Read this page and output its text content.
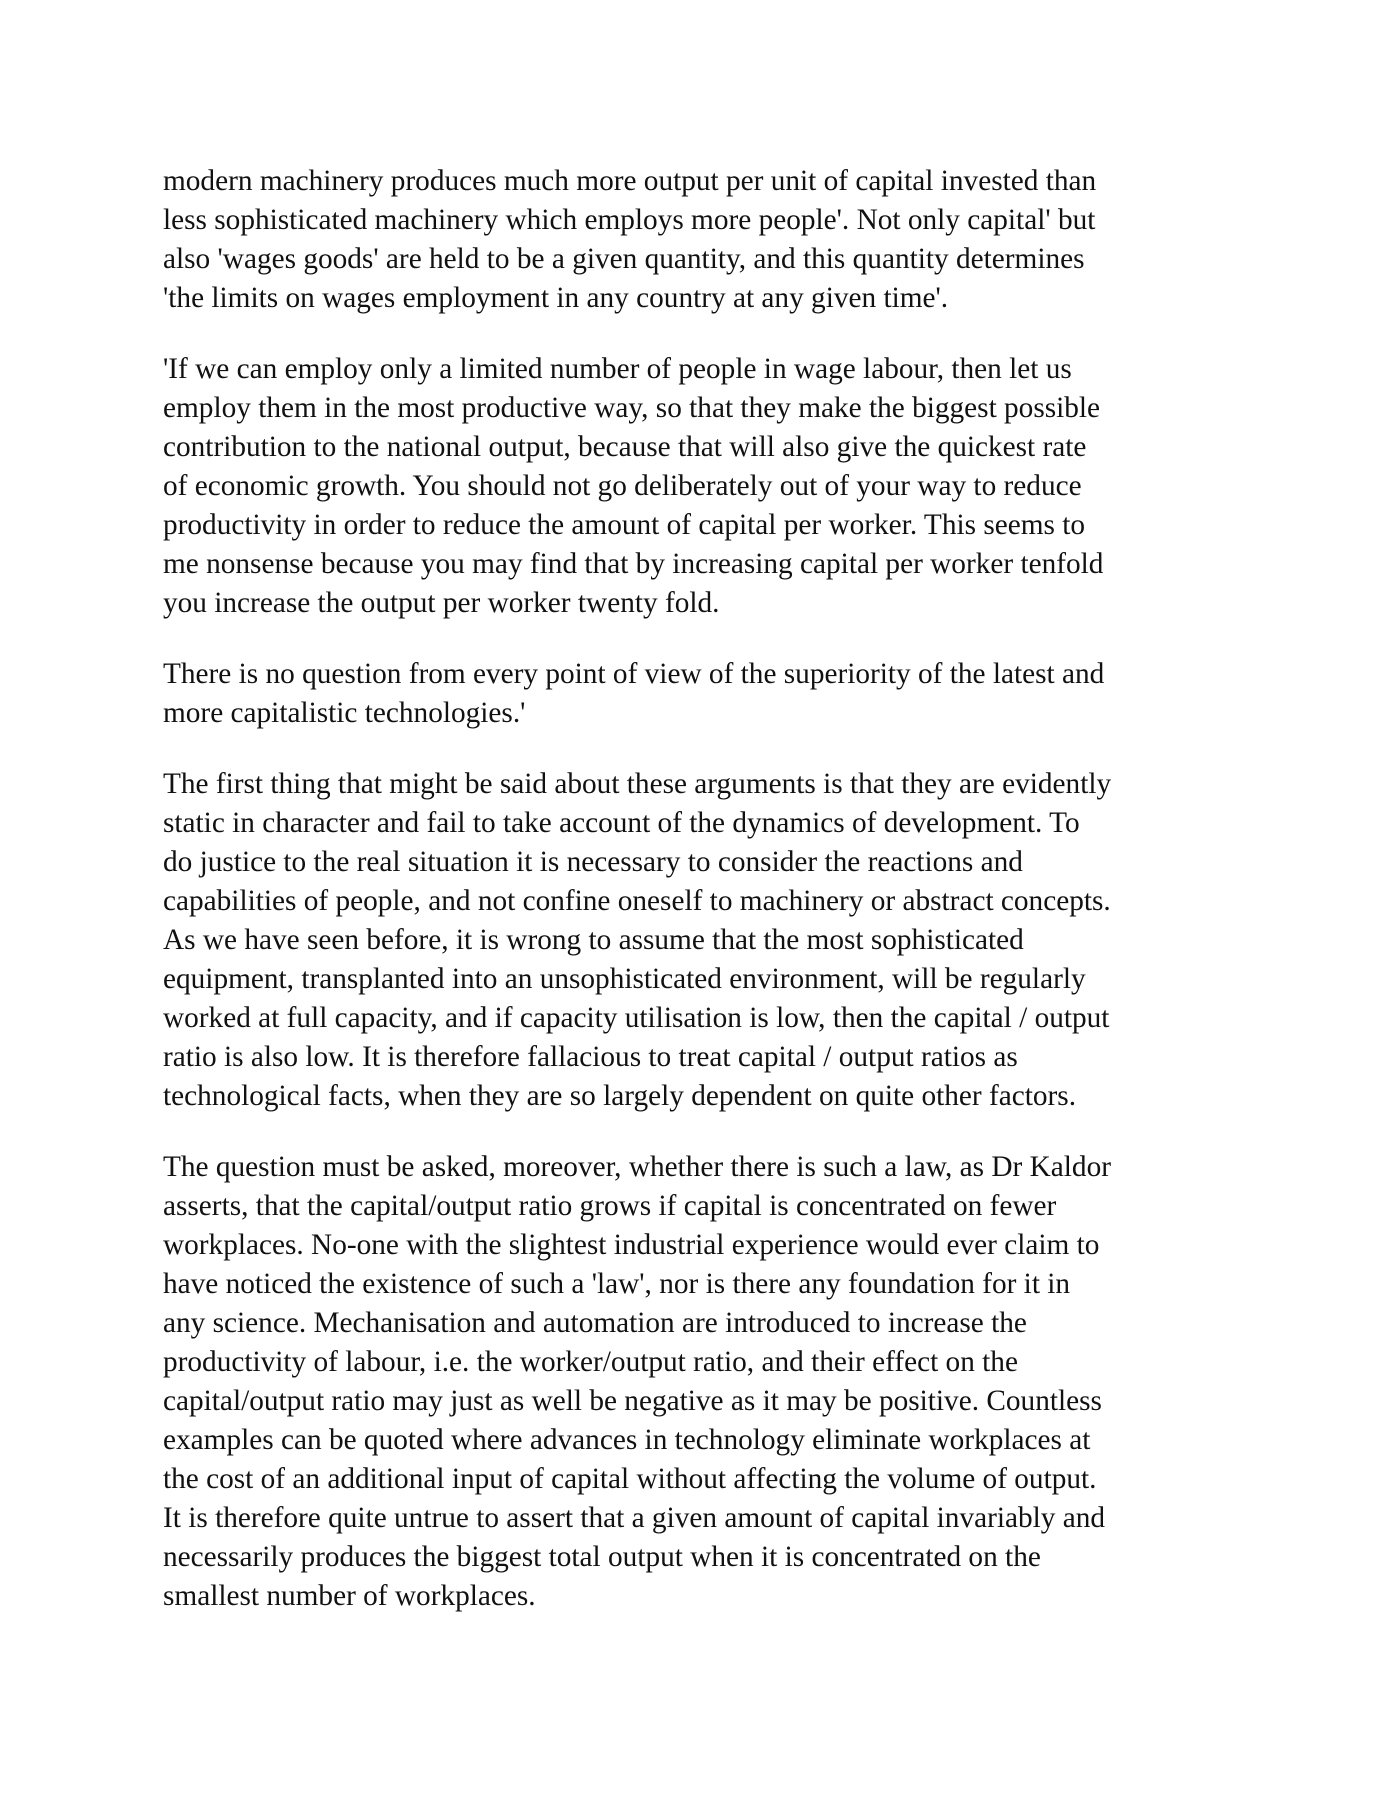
modern machinery produces much more output per unit of capital invested than
less sophisticated machinery which employs more people'. Not only capital' but
also 'wages goods' are held to be a given quantity, and this quantity determines
'the limits on wages employment in any country at any given time'.

'If we can employ only a limited number of people in wage labour, then let us
employ them in the most productive way, so that they make the biggest possible
contribution to the national output, because that will also give the quickest rate
of economic growth. You should not go deliberately out of your way to reduce
productivity in order to reduce the amount of capital per worker. This seems to
me nonsense because you may find that by increasing capital per worker tenfold
you increase the output per worker twenty fold.

There is no question from every point of view of the superiority of the latest and
more capitalistic technologies.'

The first thing that might be said about these arguments is that they are evidently
static in character and fail to take account of the dynamics of development. To
do justice to the real situation it is necessary to consider the reactions and
capabilities of people, and not confine oneself to machinery or abstract concepts.
As we have seen before, it is wrong to assume that the most sophisticated
equipment, transplanted into an unsophisticated environment, will be regularly
worked at full capacity, and if capacity utilisation is low, then the capital / output
ratio is also low. It is therefore fallacious to treat capital / output ratios as
technological facts, when they are so largely dependent on quite other factors.

The question must be asked, moreover, whether there is such a law, as Dr Kaldor
asserts, that the capital/output ratio grows if capital is concentrated on fewer
workplaces. No-one with the slightest industrial experience would ever claim to
have noticed the existence of such a 'law', nor is there any foundation for it in
any science. Mechanisation and automation are introduced to increase the
productivity of labour, i.e. the worker/output ratio, and their effect on the
capital/output ratio may just as well be negative as it may be positive. Countless
examples can be quoted where advances in technology eliminate workplaces at
the cost of an additional input of capital without affecting the volume of output.
It is therefore quite untrue to assert that a given amount of capital invariably and
necessarily produces the biggest total output when it is concentrated on the
smallest number of workplaces.
